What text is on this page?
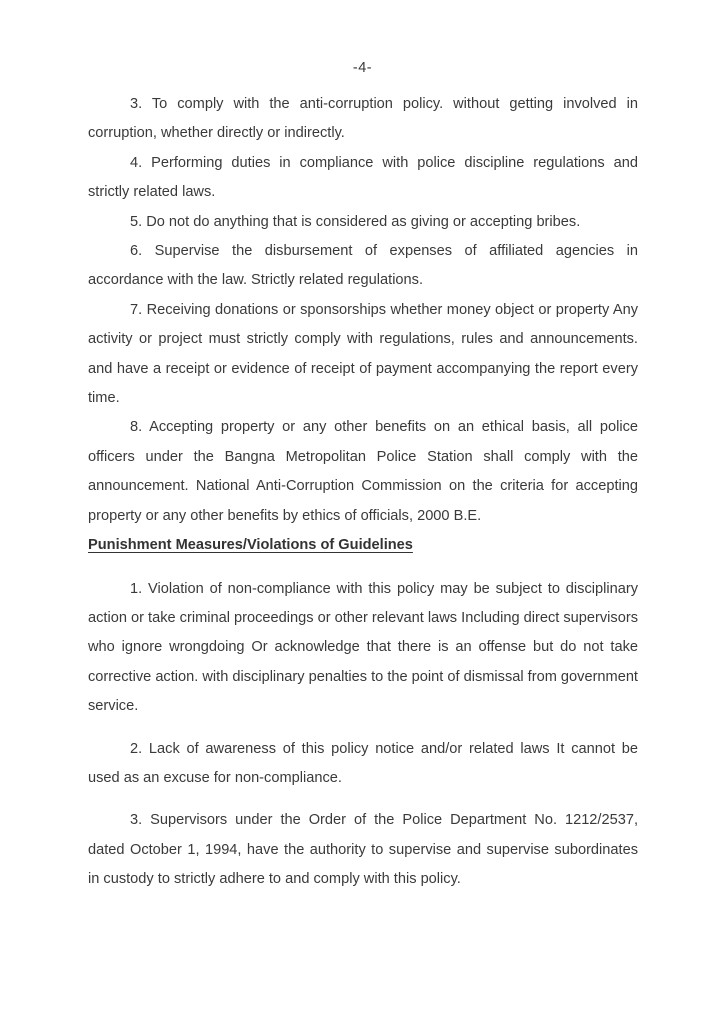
-4-

3. To comply with the anti-corruption policy. without getting involved in corruption, whether directly or indirectly.

4. Performing duties in compliance with police discipline regulations and strictly related laws.

5. Do not do anything that is considered as giving or accepting bribes.

6. Supervise the disbursement of expenses of affiliated agencies in accordance with the law. Strictly related regulations.

7. Receiving donations or sponsorships whether money object or property Any activity or project must strictly comply with regulations, rules and announcements. and have a receipt or evidence of receipt of payment accompanying the report every time.

8. Accepting property or any other benefits on an ethical basis, all police officers under the Bangna Metropolitan Police Station shall comply with the announcement. National Anti-Corruption Commission on the criteria for accepting property or any other benefits by ethics of officials, 2000 B.E.

Punishment Measures/Violations of Guidelines

1. Violation of non-compliance with this policy may be subject to disciplinary action or take criminal proceedings or other relevant laws Including direct supervisors who ignore wrongdoing Or acknowledge that there is an offense but do not take corrective action. with disciplinary penalties to the point of dismissal from government service.

2. Lack of awareness of this policy notice and/or related laws It cannot be used as an excuse for non-compliance.

3. Supervisors under the Order of the Police Department No. 1212/2537, dated October 1, 1994, have the authority to supervise and supervise subordinates in custody to strictly adhere to and comply with this policy.
